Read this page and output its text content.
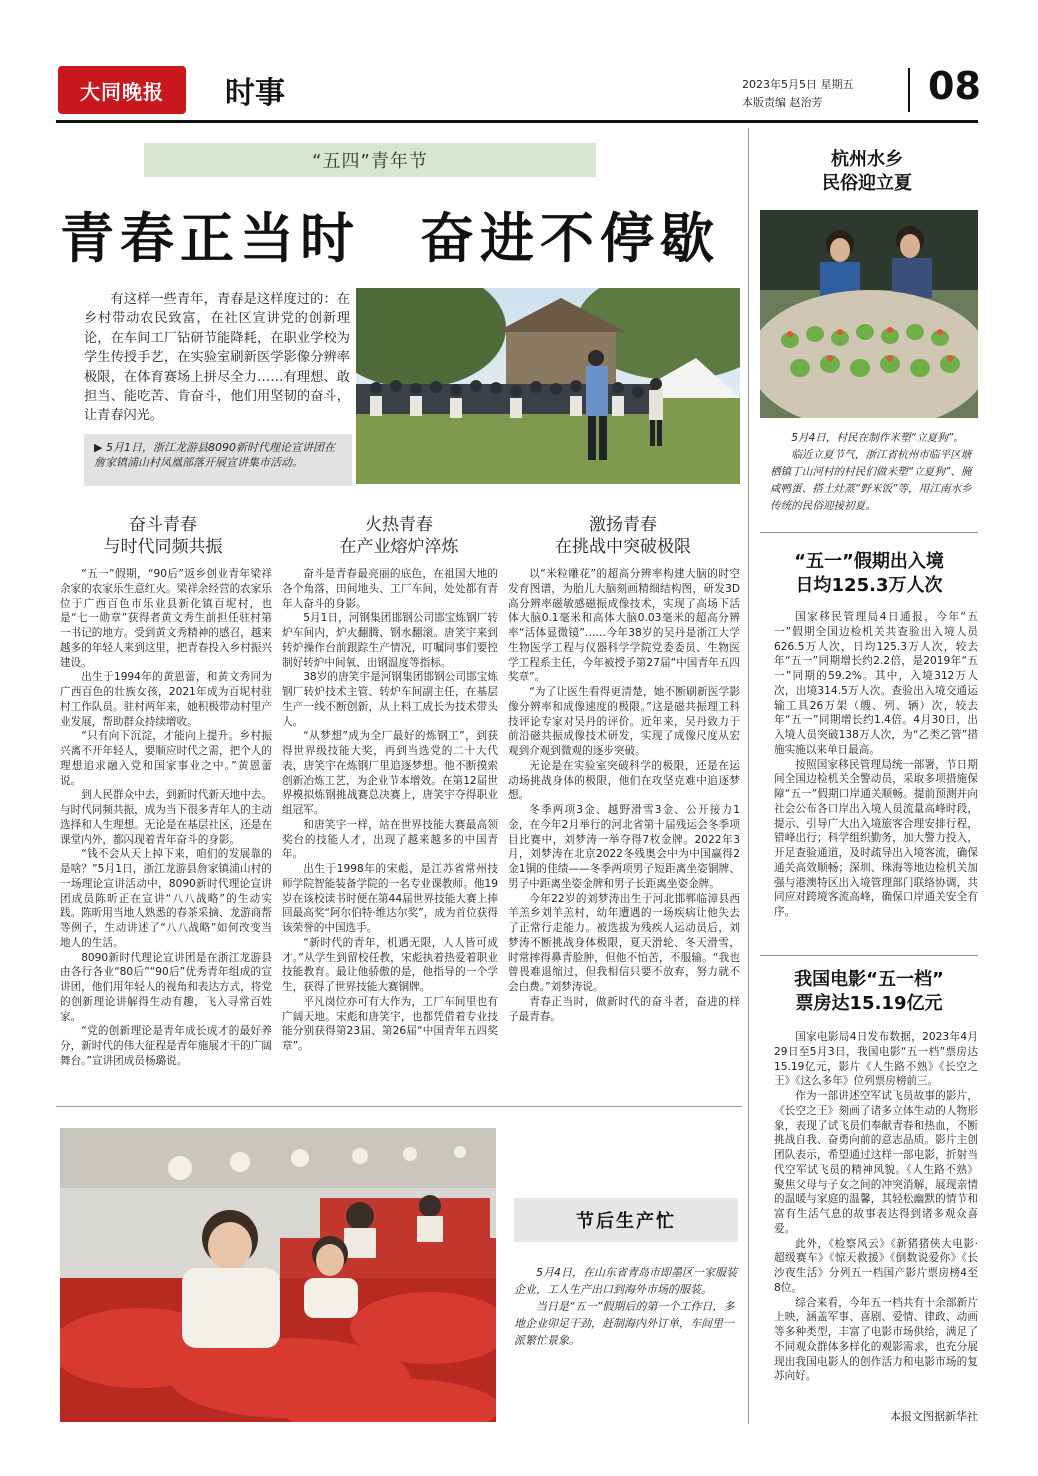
大同晚报	时事	2023年5月5日 星期五
本版责编 赵治芳	08
“五四”青年节
青春正当时　奋进不停歇
有这样一些青年，青春是这样度过的：在乡村带动农民致富，在社区宣讲党的创新理论，在车间工厂钻研节能降耗，在职业学校为学生传授手艺，在实验室刷新医学影像分辨率极限，在体育赛场上拼尽全力……有理想、敢担当、能吃苦、肯奋斗，他们用坚韧的奋斗，让青春闪光。
▶ 5月1日，浙江龙游县8090新时代理论宣讲团在詹家镇浦山村凤凰部落开展宣讲集市活动。
奋斗青春
与时代同频共振

“五一”假期，“90后”返乡创业青年梁祥余家的农家乐生意红火。梁祥余经营的农家乐位于广西百色市乐业县新化镇百坭村，也是“七一勋章”获得者黄文秀生前担任驻村第一书记的地方。受到黄文秀精神的感召，越来越多的年轻人来到这里，把青春投入乡村振兴建设。

出生于1994年的黄恩蕾，和黄文秀同为广西百色的壮族女孩，2021年成为百坭村驻村工作队员。驻村两年来，她积极带动村里产业发展，帮助群众持续增收。

“只有向下沉淀，才能向上提升。乡村振兴离不开年轻人，要顺应时代之需，把个人的理想追求融入党和国家事业之中。”黄恩蕾说。

到人民群众中去，到新时代新天地中去。与时代同频共振，成为当下很多青年人的主动选择和人生理想。无论是在基层社区，还是在课堂内外，都闪现着青年奋斗的身影。

“钱不会从天上掉下来，咱们的发展靠的是啥？”5月1日，浙江龙游县詹家镇浦山村的一场理论宣讲活动中，8090新时代理论宣讲团成员陈昕正在宣讲“八八战略”的生动实践。陈昕用当地人熟悉的春茶采摘、龙游商帮等例子，生动讲述了“八八战略”如何改变当地人的生活。

8090新时代理论宣讲团是在浙江龙游县由各行各业“80后”“90后”优秀青年组成的宣讲团，他们用年轻人的视角和表达方式，将党的创新理论讲解得生动有趣，飞入寻常百姓家。

“党的创新理论是青年成长成才的最好养分，新时代的伟大征程是青年施展才干的广阔舞台。”宣讲团成员杨璐说。

火热青春
在产业熔炉淬炼

奋斗是青春最亮丽的底色，在祖国大地的各个角落，田间地头、工厂车间，处处都有青年人奋斗的身影。

5月1日，河钢集团邯钢公司邯宝炼钢厂转炉车间内，炉火翻腾、钢水翻滚。唐笑宇来到转炉操作台前跟踪生产情况，叮嘱同事们要控制好转炉中间氧、出钢温度等指标。

38岁的唐笑宇是河钢集团邯钢公司邯宝炼钢厂转炉技术主管、转炉车间副主任，在基层生产一线不断创新，从上料工成长为技术带头人。

“从梦想”成为全厂最好的炼钢工”，到获得世界级技能大奖，再到当选党的二十大代表，唐笑宇在炼钢厂里追逐梦想。他不断摸索创新冶炼工艺，为企业节本增效。在第12届世界模拟炼钢挑战赛总决赛上，唐笑宇夺得职业组冠军。

和唐笑宇一样，站在世界技能大赛最高领奖台的技能人才，出现了越来越多的中国青年。

出生于1998年的宋彪，是江苏省常州技师学院智能装备学院的一名专业课教师。他19岁在该校读书时便在第44届世界技能大赛上捧回最高奖“阿尔伯特·维达尔奖”，成为首位获得该荣誉的中国选手。

“新时代的青年，机遇无限，人人皆可成才。”从学生到留校任教，宋彪执着热爱着职业技能教育。最让他骄傲的是，他指导的一个学生，获得了世界技能大赛铜牌。

平凡岗位亦可有大作为，工厂车间里也有广阔天地。宋彪和唐笑宇，也都凭借着专业技能分别获得第23届、第26届“中国青年五四奖章”。

激扬青春
在挑战中突破极限

以“米粒雕花”的超高分辨率构建大脑的时空发育图谱，为胎儿大脑刻画精细结构图，研发3D高分辨率磁敏感磁振成像技术，实现了高场下活体大脑0.1毫米和高体大脑0.03毫米的超高分辨率“活体显微镜”……今年38岁的吴丹是浙江大学生物医学工程与仪器科学学院党委委员、生物医学工程系主任，今年被授予第27届“中国青年五四奖章”。

“为了让医生看得更清楚，她不断刷新医学影像分辨率和成像速度的极限。”这是磁共振理工科技评论专家对吴丹的评价。近年来，吴丹致力于前沿磁共振成像技术研发，实现了成像尺度从宏观到介观到微观的逐步突破。

无论是在实验室突破科学的极限，还是在运动场挑战身体的极限，他们在攻坚克难中追逐梦想。

冬季两项3金、越野滑雪3金、公开接力1金，在今年2月举行的河北省第十届残运会冬季项目比赛中，刘梦涛一举夺得7枚金牌。2022年3月，刘梦涛在北京2022冬残奥会中为中国赢得2金1铜的佳绩——冬季两项男子短距离坐姿铜牌、男子中距离坐姿金牌和男子长距离坐姿金牌。

今年22岁的刘梦涛出生于河北邯郸临漳县西羊羔乡刘羊羔村，幼年遭遇的一场疾病让他失去了正常行走能力。被选拔为残疾人运动员后，刘梦涛不断挑战身体极限，夏天滑轮、冬天滑雪，时常摔得鼻青脸肿，但他不怕苦，不服输。“我也曾畏难退缩过，但我相信只要不放弃，努力就不会白费。”刘梦涛说。

青春正当时，做新时代的奋斗者，奋进的样子最青春。

节后生产忙

5月4日，在山东省青岛市即墨区一家服装企业，工人生产出口到海外市场的服装。

当日是“五一”假期后的第一个工作日，多地企业卯足干劲，赶制海内外订单，车间里一派繁忙景象。

杭州水乡
民俗迎立夏

5月4日，村民在制作米塑“立夏狗”。

临近立夏节气，浙江省杭州市临平区塘栖镇丁山河村的村民们做米塑“立夏狗”、腌咸鸭蛋、搭土灶蒸“野米饭”等，用江南水乡传统的民俗迎接初夏。

“五一”假期出入境
日均125.3万人次

国家移民管理局4日通报，今年“五一”假期全国边检机关共查验出入境人员626.5万人次，日均125.3万人次，较去年“五一”同期增长约2.2倍，是2019年“五一”同期的59.2%。其中，入境312万人次，出境314.5万人次。查验出入境交通运输工具26万架（艘、列、辆）次，较去年“五一”同期增长约1.4倍。4月30日，出入境人员突破138万人次，为“乙类乙管”措施实施以来单日最高。

按照国家移民管理局统一部署，节日期间全国边检机关全警动员，采取多项措施保障“五一”假期口岸通关顺畅。提前预测并向社会公布各口岸出入境人员流量高峰时段，提示、引导广大出入境旅客合理安排行程，错峰出行；科学组织勤务，加大警力投入，开足查验通道，及时疏导出入境客流，确保通关高效顺畅；深圳、珠海等地边检机关加强与港澳特区出入境管理部门联络协调，共同应对跨境客流高峰，确保口岸通关安全有序。

我国电影“五一档”
票房达15.19亿元

国家电影局4日发布数据，2023年4月29日至5月3日，我国电影“五一档”票房达15.19亿元，影片《人生路不熟》《长空之王》《这么多年》位列票房榜前三。

作为一部讲述空军试飞员故事的影片，《长空之王》刻画了诸多立体生动的人物形象，表现了试飞员们奉献青春和热血，不断挑战自我、奋勇向前的意志品质。影片主创团队表示，希望通过这样一部电影，折射当代空军试飞员的精神风貌。《人生路不熟》聚焦父母与子女之间的冲突消解，展现亲情的温暖与家庭的温馨，其轻松幽默的情节和富有生活气息的故事表达得到诸多观众喜爱。

此外，《检察风云》《新猪猪侠大电影·超级赛车》《惊天救援》《倒数说爱你》《长沙夜生活》分列五一档国产影片票房榜4至8位。

综合来看，今年五一档共有十余部新片上映，涵盖军事、喜剧、爱情、律政、动画等多种类型，丰富了电影市场供给，满足了不同观众群体多样化的观影需求，也充分展现出我国电影人的创作活力和电影市场的复苏向好。

本报文图据新华社
